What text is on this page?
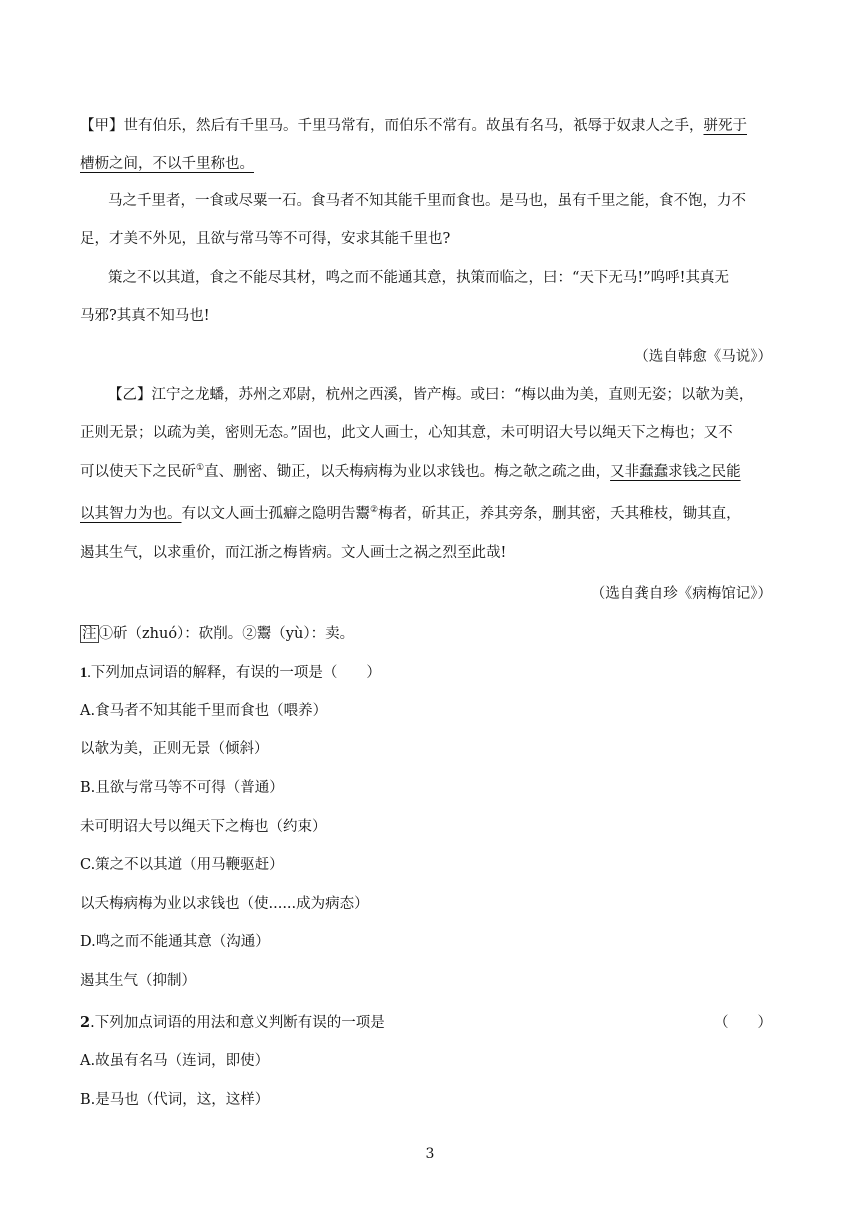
【甲】世有伯乐，然后有千里马。千里马常有，而伯乐不常有。故虽有名马，祇辱于奴隶人之手，骈死于
槽枥之间，不以千里称也。
马之千里者，一食或尽粟一石。食马者不知其能千里而食也。是马也，虽有千里之能，食不饱，力不
足，才美不外见，且欲与常马等不可得，安求其能千里也?
策之不以其道，食之不能尽其材，鸣之而不能通其意，执策而临之，曰：“天下无马!”呜呼!其真无
马邪?其真不知马也!
（选自韩愈《马说》）
【乙】江宁之龙蟠，苏州之邓尉，杭州之西溪，皆产梅。或曰：“梅以曲为美，直则无姿；以欹为美，
正则无景；以疏为美，密则无态。”固也，此文人画士，心知其意，未可明诏大号以绳天下之梅也；又不
可以使天下之民斫①直、删密、锄正，以夭梅病梅为业以求钱也。梅之欹之疏之曲，又非蠢蠢求钱之民能
以其智力为也。有以文人画士孤癖之隐明告鬻②梅者，斫其正，养其旁条，删其密，夭其稚枝，锄其直，
遏其生气，以求重价，而江浙之梅皆病。文人画士之祸之烈至此哉!
（选自龚自珍《病梅馆记》）
注 ①斫（zhuó）：砍削。②鬻（yù）：卖。
1.下列加点词语的解释，有误的一项是（　　）
A.食马者不知其能千里而食也（喂养）
以欹为美，正则无景（倾斜）
B.且欲与常马等不可得（普通）
未可明诏大号以绳天下之梅也（约束）
C.策之不以其道（用马鞭驱赶）
以夭梅病梅为业以求钱也（使......成为病态）
D.鸣之而不能通其意（沟通）
遏其生气（抑制）
2.下列加点词语的用法和意义判断有误的一项是	（　　）
A.故虽有名马（连词，即使）
B.是马也（代词，这，这样）
3
